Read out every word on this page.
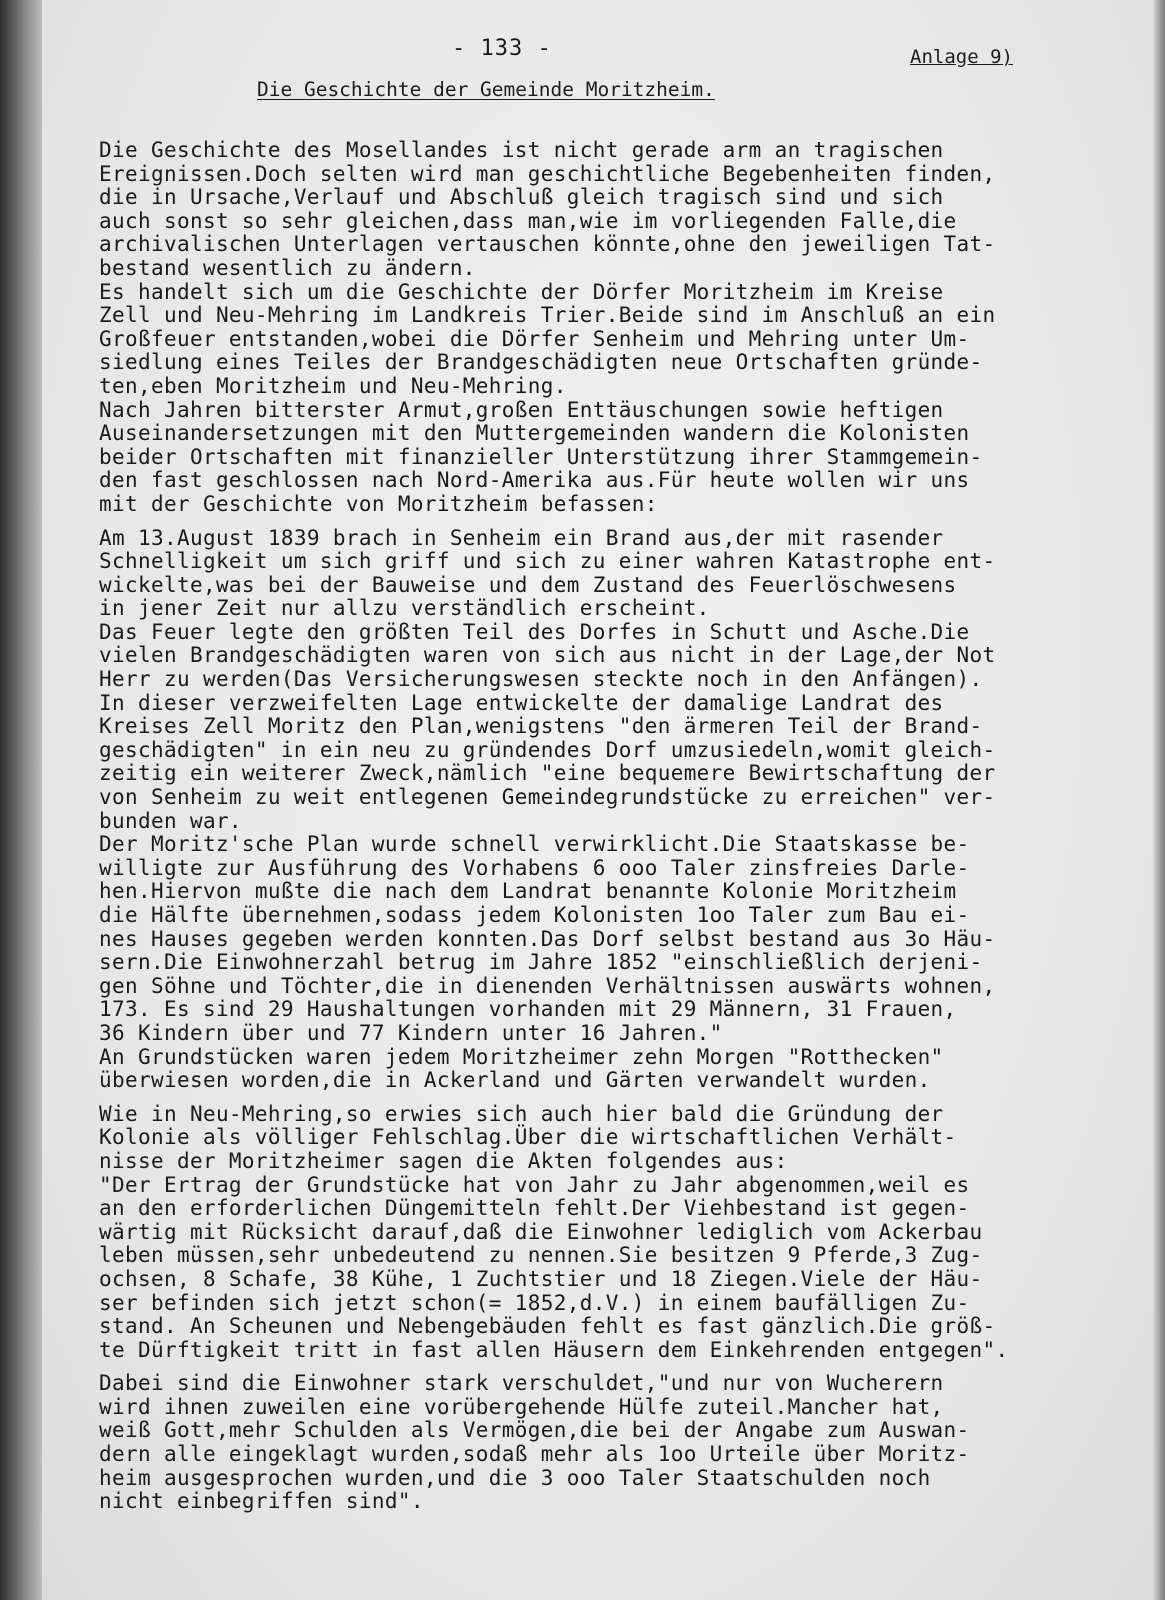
- 133 -	Anlage 9)
Die Geschichte der Gemeinde Moritzheim.
Die Geschichte des Mosellandes ist nicht gerade arm an tragischen
Ereignissen.Doch selten wird man geschichtliche Begebenheiten finden,
die in Ursache,Verlauf und Abschluß gleich tragisch sind und sich
auch sonst so sehr gleichen,dass man,wie im vorliegenden Falle,die
archivalischen Unterlagen vertauschen könnte,ohne den jeweiligen Tat-
bestand wesentlich zu ändern.
Es handelt sich um die Geschichte der Dörfer Moritzheim im Kreise
Zell und Neu-Mehring im Landkreis Trier.Beide sind im Anschluß an ein
Großfeuer entstanden,wobei die Dörfer Senheim und Mehring unter Um-
siedlung eines Teiles der Brandgeschädigten neue Ortschaften gründe-
ten,eben Moritzheim und Neu-Mehring.
Nach Jahren bitterster Armut,großen Enttäuschungen sowie heftigen
Auseinandersetzungen mit den Muttergemeinden wandern die Kolonisten
beider Ortschaften mit finanzieller Unterstützung ihrer Stammgemein-
den fast geschlossen nach Nord-Amerika aus.Für heute wollen wir uns
mit der Geschichte von Moritzheim befassen:
Am 13.August 1839 brach in Senheim ein Brand aus,der mit rasender
Schnelligkeit um sich griff und sich zu einer wahren Katastrophe ent-
wickelte,was bei der Bauweise und dem Zustand des Feuerlöschwesens
in jener Zeit nur allzu verständlich erscheint.
Das Feuer legte den größten Teil des Dorfes in Schutt und Asche.Die
vielen Brandgeschädigten waren von sich aus nicht in der Lage,der Not
Herr zu werden(Das Versicherungswesen steckte noch in den Anfängen).
In dieser verzweifelten Lage entwickelte der damalige Landrat des
Kreises Zell Moritz den Plan,wenigstens "den ärmeren Teil der Brand-
geschädigten" in ein neu zu gründendes Dorf umzusiedeln,womit gleich-
zeitig ein weiterer Zweck,nämlich "eine bequemere Bewirtschaftung der
von Senheim zu weit entlegenen Gemeindegrundstücke zu erreichen" ver-
bunden war.
Der Moritz'sche Plan wurde schnell verwirklicht.Die Staatskasse be-
willigte zur Ausführung des Vorhabens 6 ooo Taler zinsfreies Darle-
hen.Hiervon mußte die nach dem Landrat benannte Kolonie Moritzheim
die Hälfte übernehmen,sodass jedem Kolonisten 1oo Taler zum Bau ei-
nes Hauses gegeben werden konnten.Das Dorf selbst bestand aus 3o Häu-
sern.Die Einwohnerzahl betrug im Jahre 1852 "einschließlich derjeni-
gen Söhne und Töchter,die in dienenden Verhältnissen auswärts wohnen,
173. Es sind 29 Haushaltungen vorhanden mit 29 Männern, 31 Frauen,
36 Kindern über und 77 Kindern unter 16 Jahren."
An Grundstücken waren jedem Moritzheimer zehn Morgen "Rotthecken"
überwiesen worden,die in Ackerland und Gärten verwandelt wurden.
Wie in Neu-Mehring,so erwies sich auch hier bald die Gründung der
Kolonie als völliger Fehlschlag.Über die wirtschaftlichen Verhält-
nisse der Moritzheimer sagen die Akten folgendes aus:
"Der Ertrag der Grundstücke hat von Jahr zu Jahr abgenommen,weil es
an den erforderlichen Düngemitteln fehlt.Der Viehbestand ist gegen-
wärtig mit Rücksicht darauf,daß die Einwohner lediglich vom Ackerbau
leben müssen,sehr unbedeutend zu nennen.Sie besitzen 9 Pferde,3 Zug-
ochsen, 8 Schafe, 38 Kühe, 1 Zuchtstier und 18 Ziegen.Viele der Häu-
ser befinden sich jetzt schon(= 1852,d.V.) in einem baufälligen Zu-
stand. An Scheunen und Nebengebäuden fehlt es fast gänzlich.Die größ-
te Dürftigkeit tritt in fast allen Häusern dem Einkehrenden entgegen".
Dabei sind die Einwohner stark verschuldet,"und nur von Wucherern
wird ihnen zuweilen eine vorübergehende Hülfe zuteil.Mancher hat,
weiß Gott,mehr Schulden als Vermögen,die bei der Angabe zum Auswan-
dern alle eingeklagt wurden,sodaß mehr als 1oo Urteile über Moritz-
heim ausgesprochen wurden,und die 3 ooo Taler Staatschulden noch
nicht einbegriffen sind".
